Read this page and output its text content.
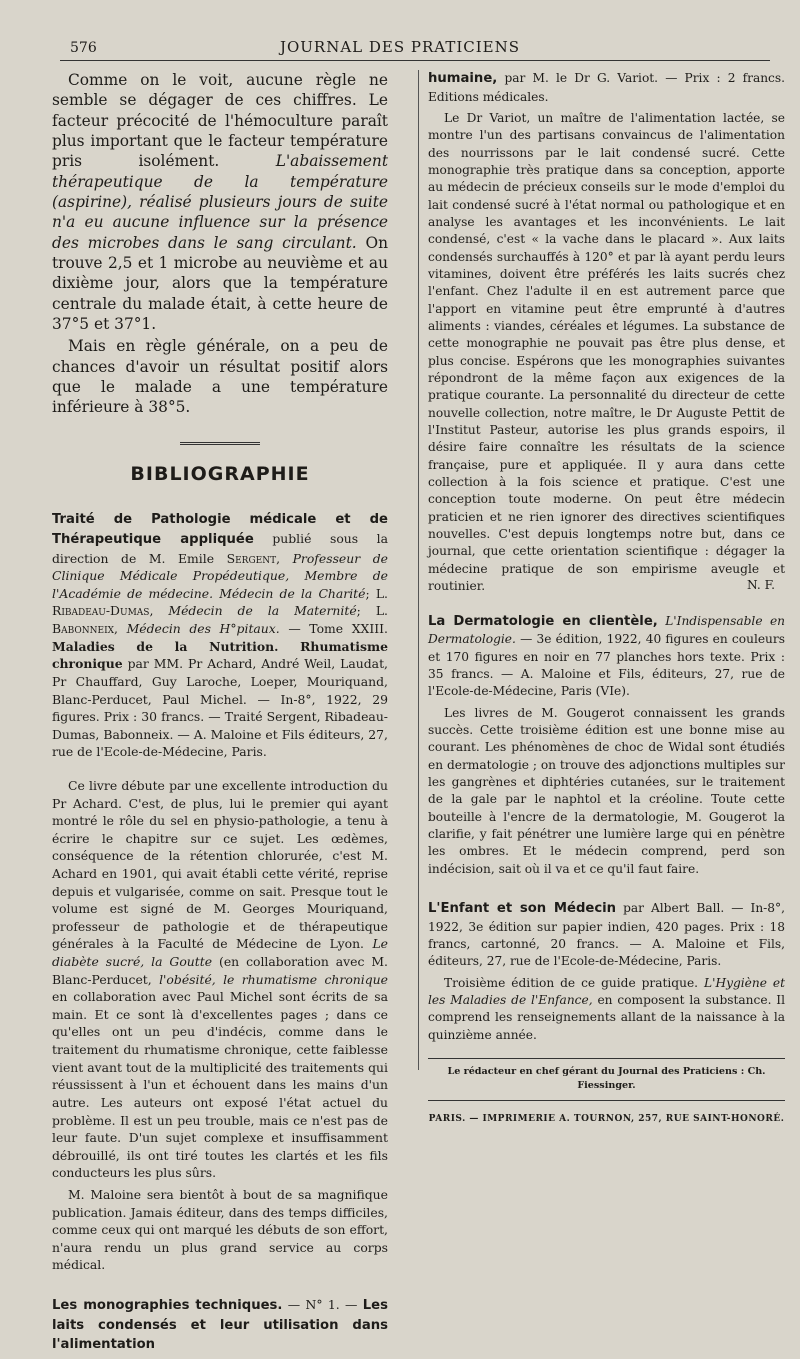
576	JOURNAL DES PRATICIENS

Comme on le voit, aucune règle ne semble se dégager de ces chiffres. Le facteur précocité de l'hémoculture paraît plus important que le facteur température pris isolément.	L'abaissement thérapeutique de la température (aspirine), réalisé plusieurs jours de suite n'a eu aucune influence sur la présence des microbes dans le sang circulant. On trouve 2,5 et 1 microbe au neuvième et au dixième jour, alors que la température centrale du malade était, à cette heure de 37°5 et 37°1.

Mais en règle générale, on a peu de chances d'avoir un résultat positif alors que le malade a une température inférieure à 38°5.

BIBLIOGRAPHIE

Traité de Pathologie médicale et de Thérapeutique appliquée publié sous la direction de M. Emile Sergent, Professeur de Clinique Médicale Propédeutique, Membre de l'Académie de médecine. Médecin de la Charité; L. Ribadeau-Dumas, Médecin de la Maternité; L. Babonneix, Médecin des H°pitaux. — Tome XXIII. Maladies de la Nutrition. Rhumatisme chronique par MM. Pr Achard, André Weil, Laudat, Pr Chauffard, Guy Laroche, Loeper, Mouriquand, Blanc-Perducet, Paul Michel. — In-8°, 1922, 29 figures. Prix : 30 francs. — Traité Sergent, Ribadeau-Dumas, Babonneix. — A. Maloine et Fils éditeurs, 27, rue de l'Ecole-de-Médecine, Paris.

Ce livre débute par une excellente introduction du Pr Achard. C'est, de plus, lui le premier qui ayant montré le rôle du sel en physio-pathologie, a tenu à écrire le chapitre sur ce sujet. Les œdèmes, conséquence de la rétention chlorurée, c'est M. Achard en 1901, qui avait établi cette vérité, reprise depuis et vulgarisée, comme on sait. Presque tout le volume est signé de M. Georges Mouriquand, professeur de pathologie et de thérapeutique générales à la Faculté de Médecine de Lyon. Le diabète sucré, la Goutte (en collaboration avec M. Blanc-Perducet, l'obésité, le rhumatisme chronique en collaboration avec Paul Michel sont écrits de sa main. Et ce sont là d'excellentes pages ; dans ce qu'elles ont un peu d'indécis, comme dans le traitement du rhumatisme chronique, cette faiblesse vient avant tout de la multiplicité des traitements qui réussissent à l'un et échouent dans les mains d'un autre. Les auteurs ont exposé l'état actuel du problème. Il est un peu trouble, mais ce n'est pas de leur faute. D'un sujet complexe et insuffisamment débrouillé, ils ont tiré toutes les clartés et les fils conducteurs les plus sûrs.

M. Maloine sera bientôt à bout de sa magnifique publication. Jamais éditeur, dans des temps difficiles, comme ceux qui ont marqué les débuts de son effort, n'aura rendu un plus grand service au corps médical.

Les monographies techniques. — N° 1. — Les laits condensés et leur utilisation dans l'alimentation

humaine, par M. le Dr G. Variot. — Prix : 2 francs. Editions médicales.

Le Dr Variot, un maître de l'alimentation lactée, se montre l'un des partisans convaincus de l'alimentation des nourrissons par le lait condensé sucré. Cette monographie très pratique dans sa conception, apporte au médecin de précieux conseils sur le mode d'emploi du lait condensé sucré à l'état normal ou pathologique et en analyse les avantages et les inconvénients. Le lait condensé, c'est « la vache dans le placard ». Aux laits condensés surchauffés à 120° et par là ayant perdu leurs vitamines, doivent être préférés les laits sucrés chez l'enfant. Chez l'adulte il en est autrement parce que l'apport en vitamine peut être emprunté à d'autres aliments : viandes, céréales et légumes. La substance de cette monographie ne pouvait pas être plus dense, et plus concise. Espérons que les monographies suivantes répondront de la même façon aux exigences de la pratique courante. La personnalité du directeur de cette nouvelle collection, notre maître, le Dr Auguste Pettit de l'Institut Pasteur, autorise les plus grands espoirs, il désire faire connaître les résultats de la science française, pure et appliquée. Il y aura dans cette collection à la fois science et pratique. C'est une conception toute moderne. On peut être médecin praticien et ne rien ignorer des directives scientifiques nouvelles. C'est depuis longtemps notre but, dans ce journal, que cette orientation scientifique : dégager la médecine pratique de son empirisme aveugle et routinier.	N. F.

La Dermatologie en clientèle, L'Indispensable en Dermatologie. — 3e édition, 1922, 40 figures en couleurs et 170 figures en noir en 77 planches hors texte. Prix : 35 francs. — A. Maloine et Fils, éditeurs, 27, rue de l'Ecole-de-Médecine, Paris (VIe).

Les livres de M. Gougerot connaissent les grands succès. Cette troisième édition est une bonne mise au courant. Les phénomènes de choc de Widal sont étudiés en dermatologie ; on trouve des adjonctions multiples sur les gangrènes et diphtéries cutanées, sur le traitement de la gale par le naphtol et la créoline. Toute cette bouteille à l'encre de la dermatologie, M. Gougerot la clarifie, y fait pénétrer une lumière large qui en pénètre les ombres. Et le médecin comprend, perd son indécision, sait où il va et ce qu'il faut faire.

L'Enfant et son Médecin par Albert Ball. — In-8°, 1922, 3e édition sur papier indien, 420 pages. Prix : 18 francs, cartonné, 20 francs. — A. Maloine et Fils, éditeurs, 27, rue de l'Ecole-de-Médecine, Paris.

Troisième édition de ce guide pratique. L'Hygiène et les Maladies de l'Enfance, en composent la substance. Il comprend les renseignements allant de la naissance à la quinzième année.

Le rédacteur en chef gérant du Journal des Praticiens : Ch. Fiessinger.
PARIS. — IMPRIMERIE A. TOURNON, 257, RUE SAINT-HONORÉ.
